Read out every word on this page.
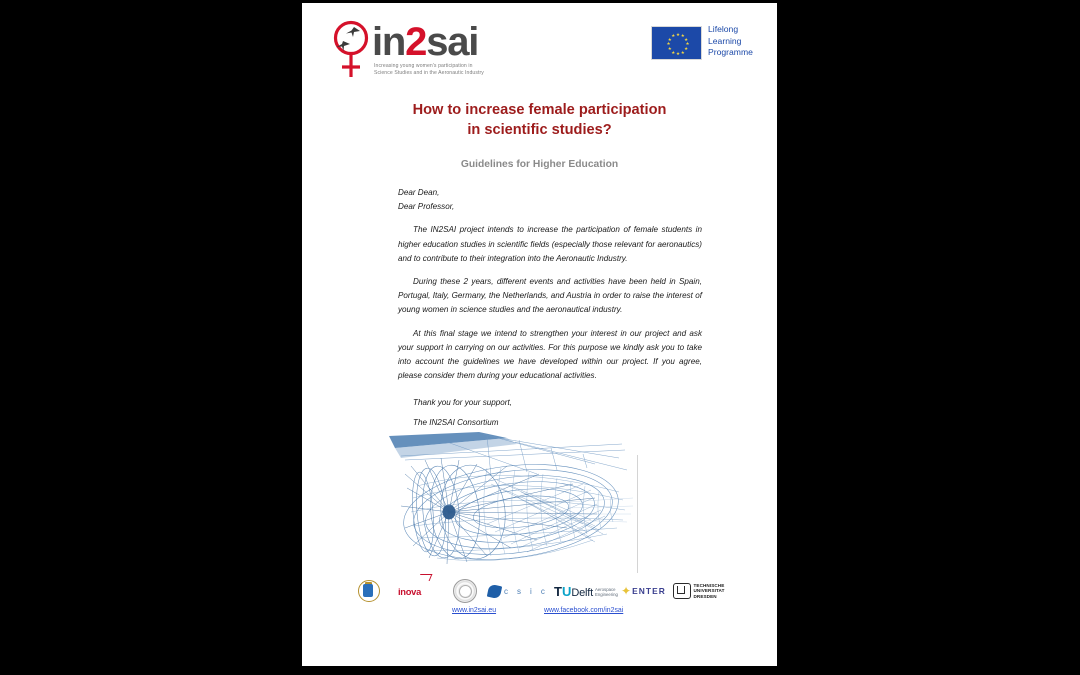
in2sai
Increasing young women's participation in
Science Studies and in the Aeronautic Industry
★ ★
★
★
★
★
★
★
★
★
★
★
Lifelong
Learning
Programme
How to increase female participation
in scientific studies?
Guidelines for Higher Education
Dear Dean,
Dear Professor,

The IN2SAI project intends to increase the participation of female students in higher education studies in scientific fields (especially those relevant for aeronautics) and to contribute to their integration into the Aeronautic Industry.

During these 2 years, different events and activities have been held in Spain, Portugal, Italy, Germany, the Netherlands, and Austria in order to raise the interest of young women in science studies and the aeronautical industry.

At this final stage we intend to strengthen your interest in our project and ask your support in carrying on our activities. For this purpose we kindly ask you to take into account the guidelines we have developed within our project. If you agree, please consider them during your educational activities.

Thank you for your support,

The IN2SAI Consortium

inova	c s i c T U Delft Aerospace
Engineering ✦ ENTER
TECHNISCHE
UNIVERSITAT
DRESDEN
www.in2sai.eu	www.facebook.com/in2sai
